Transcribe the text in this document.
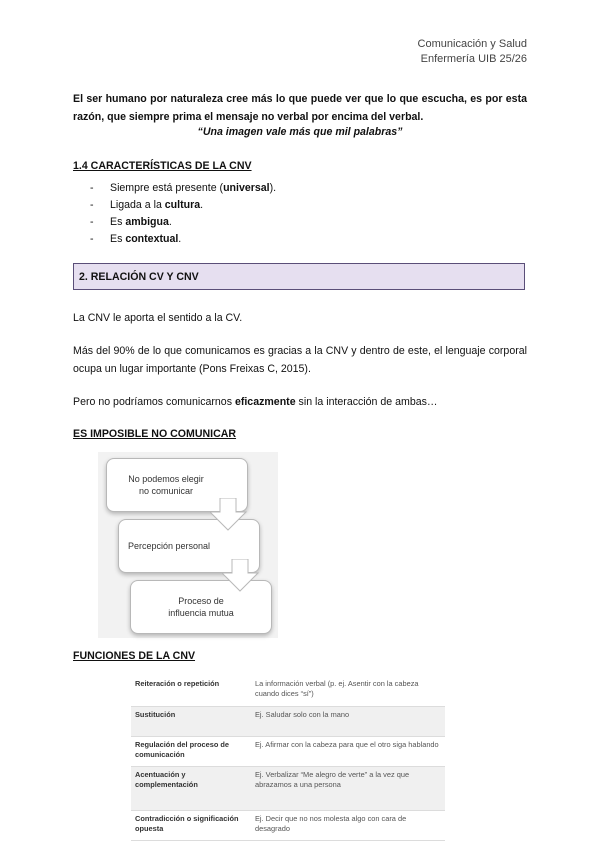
Comunicación y Salud
Enfermería UIB 25/26
El ser humano por naturaleza cree más lo que puede ver que lo que escucha, es por esta razón, que siempre prima el mensaje no verbal por encima del verbal.
“Una imagen vale más que mil palabras”
1.4 CARACTERÍSTICAS DE LA CNV
- Siempre está presente (universal).
- Ligada a la cultura.
- Es ambigua.
- Es contextual.
2. RELACIÓN CV Y CNV
La CNV le aporta el sentido a la CV.
Más del 90% de lo que comunicamos es gracias a la CNV y dentro de este, el lenguaje corporal ocupa un lugar importante (Pons Freixas C, 2015).
Pero no podríamos comunicarnos eficazmente sin la interacción de ambas…
ES IMPOSIBLE NO COMUNICAR
No podemos elegir
no comunicar
Percepción personal
Proceso de
influencia mutua
FUNCIONES DE LA CNV
Reiteración o repetición	La información verbal (p. ej. Asentir con la cabeza cuando dices “sí”)
Sustitución	Ej. Saludar solo con la mano
Regulación del proceso de comunicación	Ej. Afirmar con la cabeza para que el otro siga hablando
Acentuación y complementación	Ej. Verbalizar “Me alegro de verte” a la vez que abrazamos a una persona
Contradicción o significación opuesta	Ej. Decir que no nos molesta algo con cara de desagrado
